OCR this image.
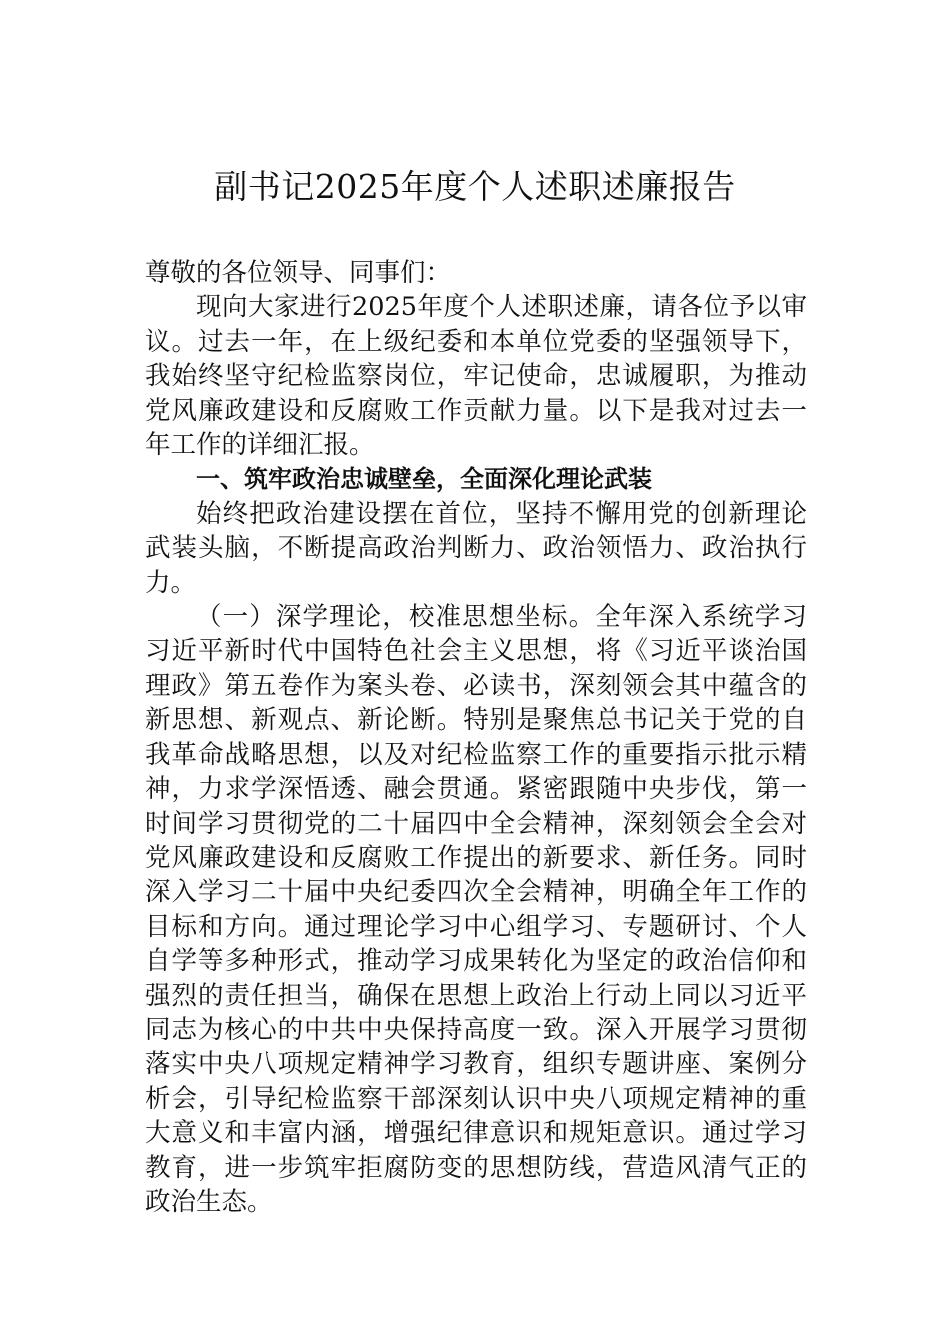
副书记2025年度个人述职述廉报告

尊敬的各位领导、同事们：

现向大家进行2025年度个人述职述廉，请各位予以审议。过去一年，在上级纪委和本单位党委的坚强领导下，我始终坚守纪检监察岗位，牢记使命，忠诚履职，为推动党风廉政建设和反腐败工作贡献力量。以下是我对过去一年工作的详细汇报。

一、筑牢政治忠诚壁垒，全面深化理论武装

始终把政治建设摆在首位，坚持不懈用党的创新理论武装头脑，不断提高政治判断力、政治领悟力、政治执行力。

（一）深学理论，校准思想坐标。全年深入系统学习习近平新时代中国特色社会主义思想，将《习近平谈治国理政》第五卷作为案头卷、必读书，深刻领会其中蕴含的新思想、新观点、新论断。特别是聚焦总书记关于党的自我革命战略思想，以及对纪检监察工作的重要指示批示精神，力求学深悟透、融会贯通。紧密跟随中央步伐，第一时间学习贯彻党的二十届四中全会精神，深刻领会全会对党风廉政建设和反腐败工作提出的新要求、新任务。同时深入学习二十届中央纪委四次全会精神，明确全年工作的目标和方向。通过理论学习中心组学习、专题研讨、个人自学等多种形式，推动学习成果转化为坚定的政治信仰和强烈的责任担当，确保在思想上政治上行动上同以习近平同志为核心的中共中央保持高度一致。深入开展学习贯彻落实中央八项规定精神学习教育，组织专题讲座、案例分析会，引导纪检监察干部深刻认识中央八项规定精神的重大意义和丰富内涵，增强纪律意识和规矩意识。通过学习教育，进一步筑牢拒腐防变的思想防线，营造风清气正的政治生态。
